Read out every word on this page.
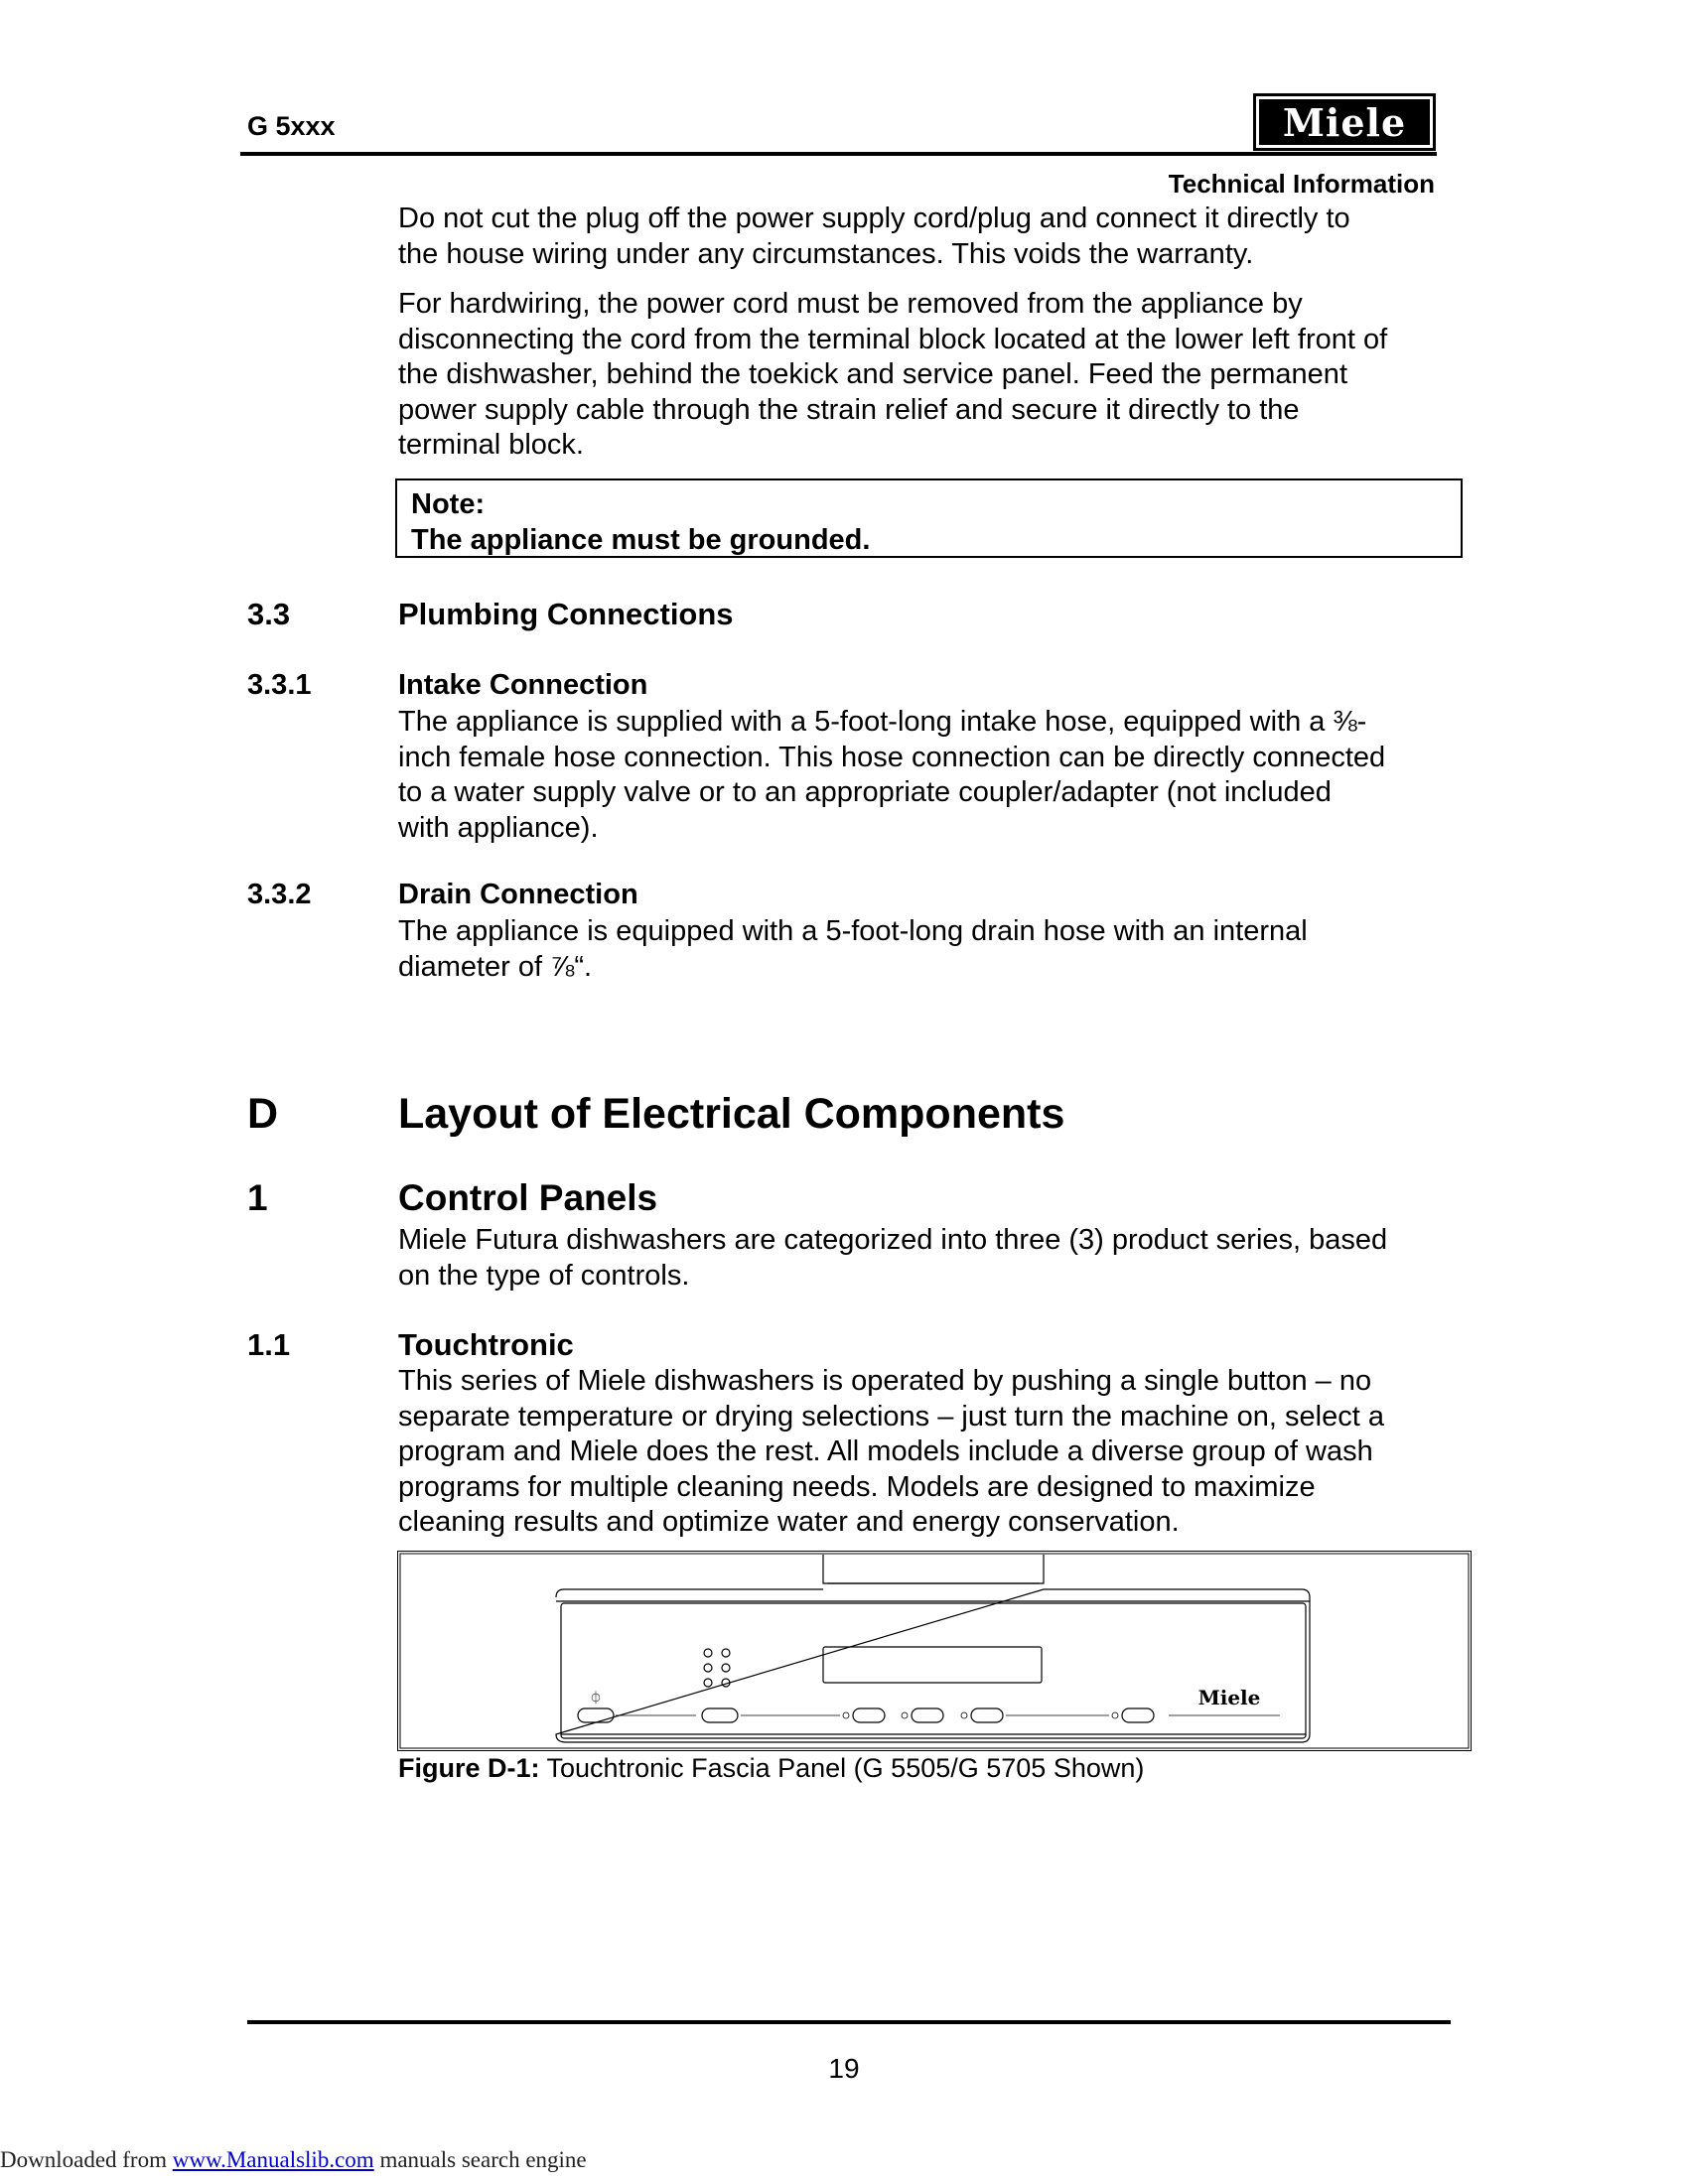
G 5xxx	Miele
Technical Information
Do not cut the plug off the power supply cord/plug and connect it directly to
the house wiring under any circumstances. This voids the warranty.
For hardwiring, the power cord must be removed from the appliance by
disconnecting the cord from the terminal block located at the lower left front of
the dishwasher, behind the toekick and service panel. Feed the permanent
power supply cable through the strain relief and secure it directly to the
terminal block.
Note:
The appliance must be grounded.
3.3	Plumbing Connections
3.3.1	Intake Connection
The appliance is supplied with a 5-foot-long intake hose, equipped with a ⅜-
inch female hose connection. This hose connection can be directly connected
to a water supply valve or to an appropriate coupler/adapter (not included
with appliance).
3.3.2	Drain Connection
The appliance is equipped with a 5-foot-long drain hose with an internal
diameter of ⅞“.
D	Layout of Electrical Components
1	Control Panels
Miele Futura dishwashers are categorized into three (3) product series, based
on the type of controls.
1.1	Touchtronic
This series of Miele dishwashers is operated by pushing a single button – no
separate temperature or drying selections – just turn the machine on, select a
program and Miele does the rest. All models include a diverse group of wash
programs for multiple cleaning needs. Models are designed to maximize
cleaning results and optimize water and energy conservation.
⏀	Miele
Figure D-1: Touchtronic Fascia Panel (G 5505/G 5705 Shown)
19
Downloaded from www.Manualslib.com manuals search engine
